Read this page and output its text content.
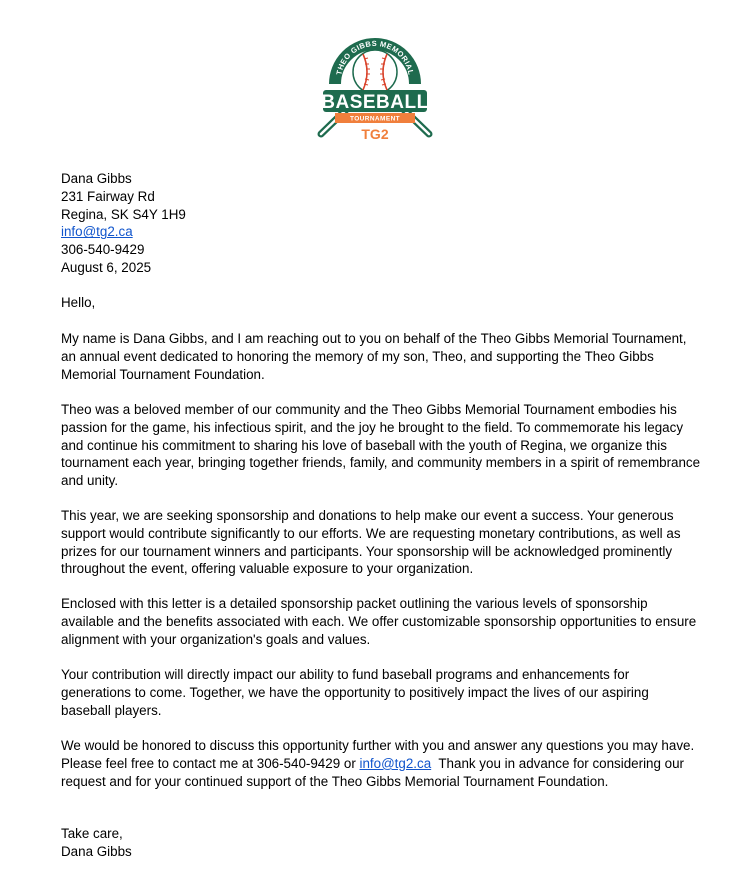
THEO GIBBS MEMORIAL
BASEBALL
TOURNAMENT
TG2
Dana Gibbs
231 Fairway Rd
Regina, SK S4Y 1H9
info@tg2.ca
306-540-9429
August 6, 2025

Hello,

My name is Dana Gibbs, and I am reaching out to you on behalf of the Theo Gibbs Memorial Tournament, an annual event dedicated to honoring the memory of my son, Theo, and supporting the Theo Gibbs Memorial Tournament Foundation.

Theo was a beloved member of our community and the Theo Gibbs Memorial Tournament embodies his passion for the game, his infectious spirit, and the joy he brought to the field. To commemorate his legacy and continue his commitment to sharing his love of baseball with the youth of Regina, we organize this tournament each year, bringing together friends, family, and community members in a spirit of remembrance and unity.

This year, we are seeking sponsorship and donations to help make our event a success. Your generous support would contribute significantly to our efforts. We are requesting monetary contributions, as well as prizes for our tournament winners and participants. Your sponsorship will be acknowledged prominently throughout the event, offering valuable exposure to your organization.

Enclosed with this letter is a detailed sponsorship packet outlining the various levels of sponsorship available and the benefits associated with each. We offer customizable sponsorship opportunities to ensure alignment with your organization's goals and values.

Your contribution will directly impact our ability to fund baseball programs and enhancements for generations to come. Together, we have the opportunity to positively impact the lives of our aspiring baseball players.

We would be honored to discuss this opportunity further with you and answer any questions you may have. Please feel free to contact me at 306-540-9429 or info@tg2.ca  Thank you in advance for considering our request and for your continued support of the Theo Gibbs Memorial Tournament Foundation.

Take care,

Dana Gibbs
